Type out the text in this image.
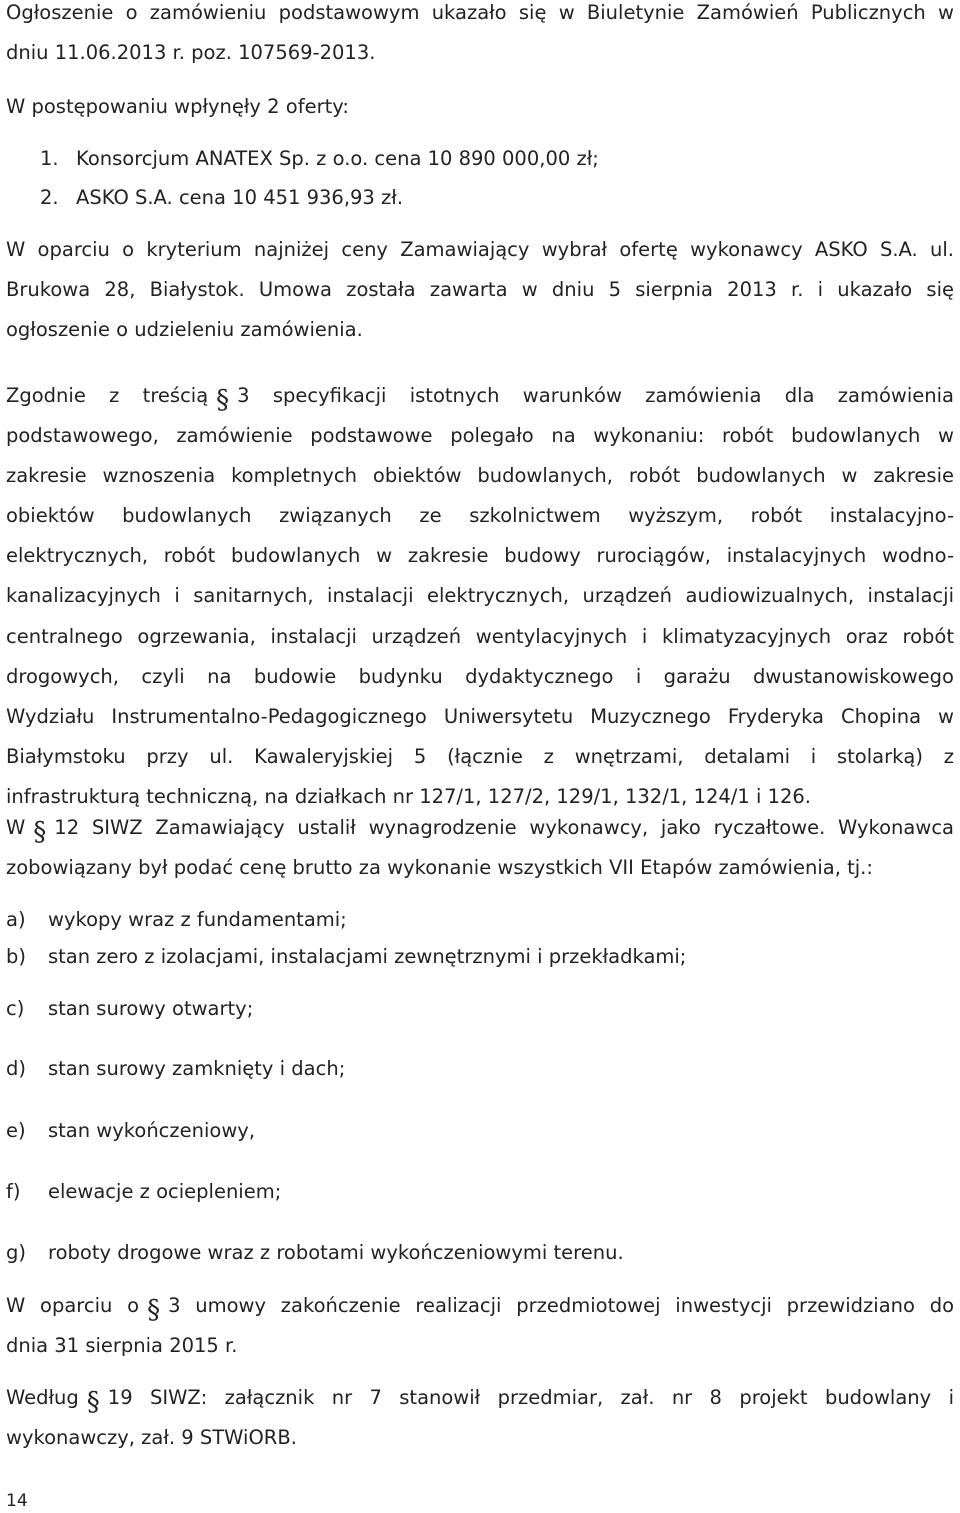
Ogłoszenie o zamówieniu podstawowym ukazało się w Biuletynie Zamówień Publicznych w
dniu 11.06.2013 r. poz. 107569-2013.
W postępowaniu wpłynęły 2 oferty:
1. Konsorcjum ANATEX Sp. z o.o. cena 10 890 000,00 zł;
2. ASKO S.A. cena 10 451 936,93 zł.
W oparciu o kryterium najniżej ceny Zamawiający wybrał ofertę wykonawcy ASKO S.A. ul.
Brukowa 28, Białystok. Umowa została zawarta w dniu 5 sierpnia 2013 r. i ukazało się
ogłoszenie o udzieleniu zamówienia.
Zgodnie z treścią § 3 specyfikacji istotnych warunków zamówienia dla zamówienia
podstawowego, zamówienie podstawowe polegało na wykonaniu: robót budowlanych w
zakresie wznoszenia kompletnych obiektów budowlanych, robót budowlanych w zakresie
obiektów budowlanych związanych ze szkolnictwem wyższym, robót instalacyjno-
elektrycznych, robót budowlanych w zakresie budowy rurociągów, instalacyjnych wodno-
kanalizacyjnych i sanitarnych, instalacji elektrycznych, urządzeń audiowizualnych, instalacji
centralnego ogrzewania, instalacji urządzeń wentylacyjnych i klimatyzacyjnych oraz robót
drogowych, czyli na budowie budynku dydaktycznego i garażu dwustanowiskowego
Wydziału Instrumentalno-Pedagogicznego Uniwersytetu Muzycznego Fryderyka Chopina w
Białymstoku przy ul. Kawaleryjskiej 5 (łącznie z wnętrzami, detalami i stolarką) z
infrastrukturą techniczną, na działkach nr 127/1, 127/2, 129/1, 132/1, 124/1 i 126.
W § 12 SIWZ Zamawiający ustalił wynagrodzenie wykonawcy, jako ryczałtowe. Wykonawca
zobowiązany był podać cenę brutto za wykonanie wszystkich VII Etapów zamówienia, tj.:
a) wykopy wraz z fundamentami;
b) stan zero z izolacjami, instalacjami zewnętrznymi i przekładkami;
c) stan surowy otwarty;
d) stan surowy zamknięty i dach;
e) stan wykończeniowy,
f) elewacje z ociepleniem;
g) roboty drogowe wraz z robotami wykończeniowymi terenu.
W oparciu o § 3 umowy zakończenie realizacji przedmiotowej inwestycji przewidziano do
dnia 31 sierpnia 2015 r.
Według § 19 SIWZ: załącznik nr 7 stanowił przedmiar, zał. nr 8 projekt budowlany i
wykonawczy, zał. 9 STWiORB.
14
